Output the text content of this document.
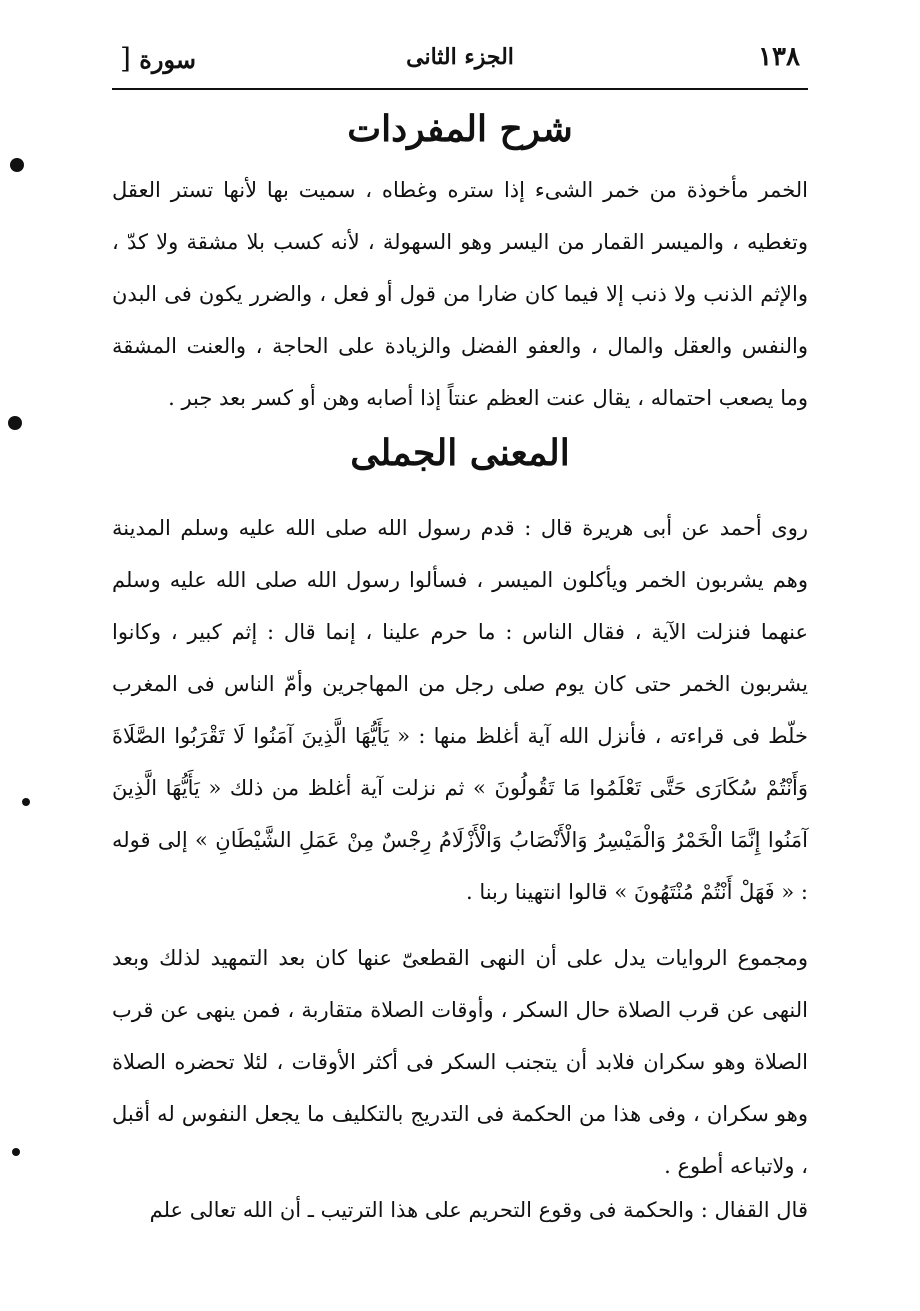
١٣٨
الجزء الثانى
سورة [
شرح المفردات
الخمر مأخوذة من خمر الشىء إذا ستره وغطاه ، سميت بها لأنها تستر العقل وتغطيه ، والميسر القمار من اليسر وهو السهولة ، لأنه كسب بلا مشقة ولا كدّ ، والإثم الذنب ولا ذنب إلا فيما كان ضارا من قول أو فعل ، والضرر يكون فى البدن والنفس والعقل والمال ، والعفو الفضل والزيادة على الحاجة ، والعنت المشقة وما يصعب احتماله ، يقال عنت العظم عنتاً إذا أصابه وهن أو كسر بعد جبر .
المعنى الجملى
روى أحمد عن أبى هريرة قال : قدم رسول الله صلى الله عليه وسلم المدينة وهم يشربون الخمر ويأكلون الميسر ، فسألوا رسول الله صلى الله عليه وسلم عنهما فنزلت الآية ، فقال الناس : ما حرم علينا ، إنما قال : إثم كبير ، وكانوا يشربون الخمر حتى كان يوم صلى رجل من المهاجرين وأمّ الناس فى المغرب خلّط فى قراءته ، فأنزل الله آية أغلظ منها : « يَأَيُّهَا الَّذِينَ آمَنُوا لَا تَقْرَبُوا الصَّلَاةَ وَأَنْتُمْ سُكَارَى حَتَّى تَعْلَمُوا مَا تَقُولُونَ » ثم نزلت آية أغلظ من ذلك « يَأَيُّهَا الَّذِينَ آمَنُوا إِنَّمَا الْخَمْرُ وَالْمَيْسِرُ وَالْأَنْصَابُ وَالْأَزْلَامُ رِجْسٌ مِنْ عَمَلِ الشَّيْطَانِ » إلى قوله : « فَهَلْ أَنْتُمْ مُنْتَهُونَ » قالوا انتهينا ربنا .
ومجموع الروايات يدل على أن النهى القطعىّ عنها كان بعد التمهيد لذلك وبعد النهى عن قرب الصلاة حال السكر ، وأوقات الصلاة متقاربة ، فمن ينهى عن قرب الصلاة وهو سكران فلابد أن يتجنب السكر فى أكثر الأوقات ، لئلا تحضره الصلاة وهو سكران ، وفى هذا من الحكمة فى التدريج بالتكليف ما يجعل النفوس له أقبل ، ولاتباعه أطوع .
قال القفال : والحكمة فى وقوع التحريم على هذا الترتيب ـ أن الله تعالى علم
